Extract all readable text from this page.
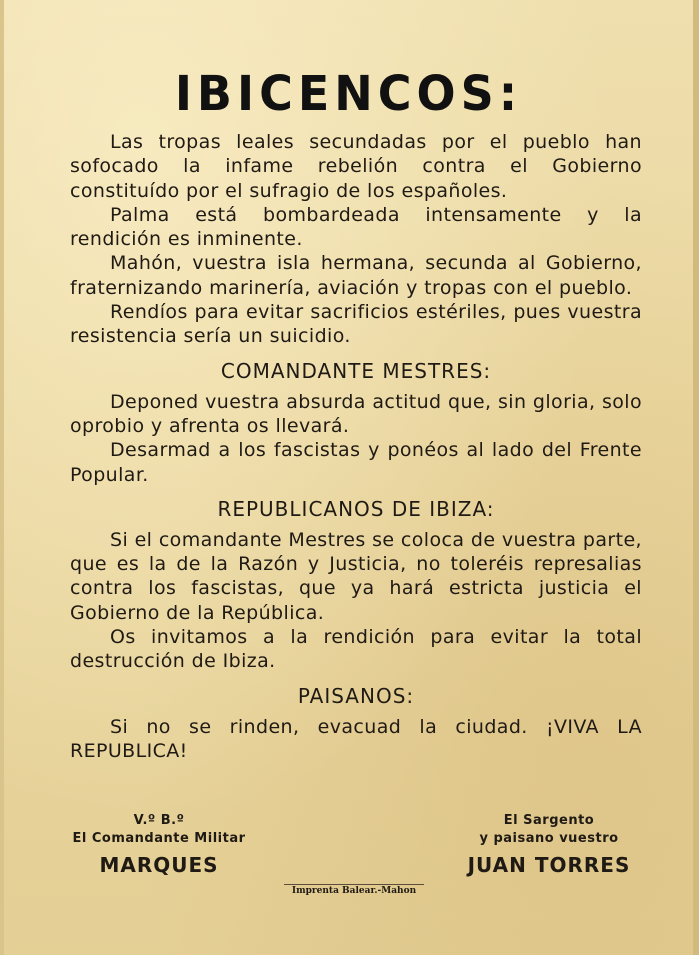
IBICENCOS:

Las tropas leales secundadas por el pueblo han sofocado la infame rebelión contra el Gobierno constituído por el sufragio de los españoles.

Palma está bombardeada intensamente y la rendición es inminente.

Mahón, vuestra isla hermana, secunda al Gobierno, fraternizando marinería, aviación y tropas con el pueblo.

Rendíos para evitar sacrificios estériles, pues vuestra resistencia sería un suicidio.

COMANDANTE MESTRES:

Deponed vuestra absurda actitud que, sin gloria, solo oprobio y afrenta os llevará.

Desarmad a los fascistas y ponéos al lado del Frente Popular.

REPUBLICANOS DE IBIZA:

Si el comandante Mestres se coloca de vuestra parte, que es la de la Razón y Justicia, no toleréis represalias contra los fascistas, que ya hará estricta justicia el Gobierno de la República.

Os invitamos a la rendición para evitar la total destrucción de Ibiza.

PAISANOS:

Si no se rinden, evacuad la ciudad. ¡VIVA LA REPUBLICA!

V.º B.º
El Comandante Militar
MARQUES
El Sargento
y paisano vuestro
JUAN TORRES
Imprenta Balear.-Mahon
